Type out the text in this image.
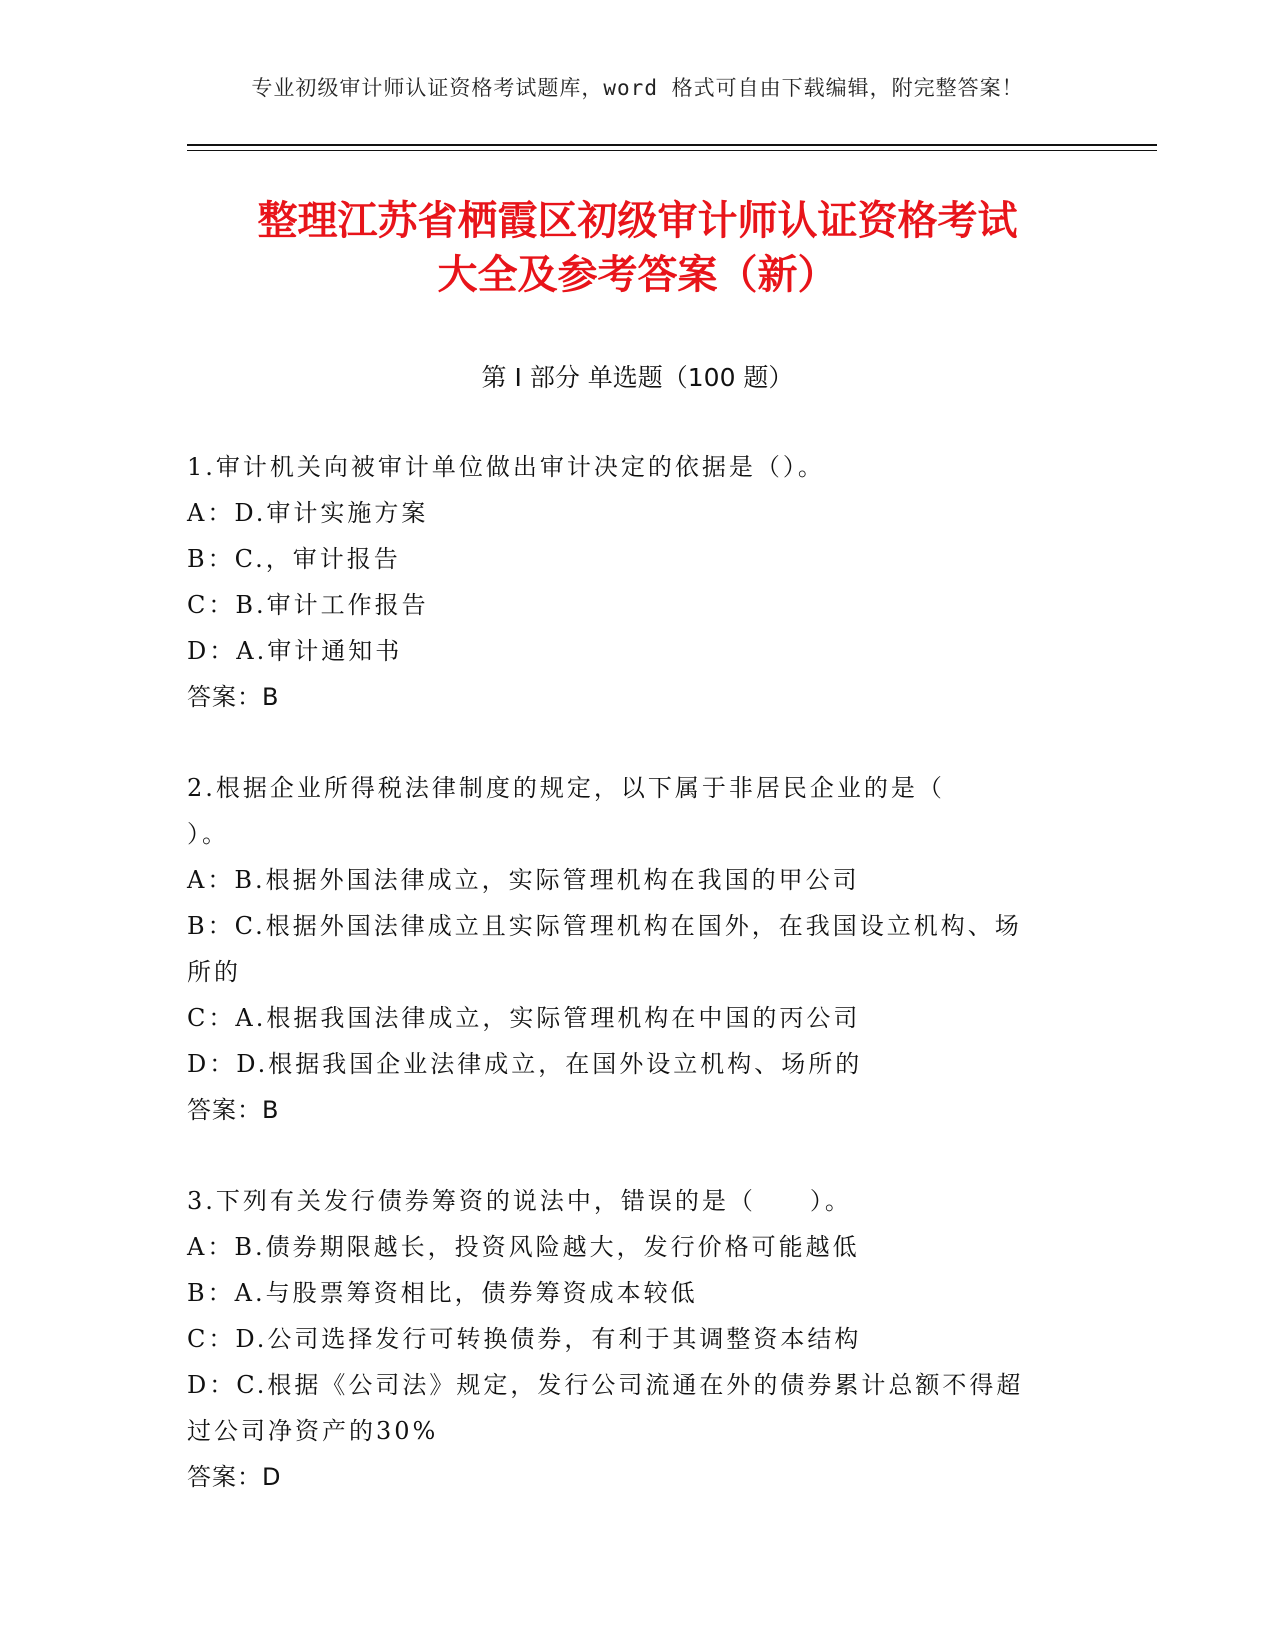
专业初级审计师认证资格考试题库，word 格式可自由下载编辑，附完整答案！
整理江苏省栖霞区初级审计师认证资格考试
大全及参考答案（新）
第 I 部分 单选题（100 题）

1.审计机关向被审计单位做出审计决定的依据是（）。

A：D.审计实施方案

B：C.，审计报告

C：B.审计工作报告

D：A.审计通知书

答案：B

2.根据企业所得税法律制度的规定，以下属于非居民企业的是（

）。

A：B.根据外国法律成立，实际管理机构在我国的甲公司

B：C.根据外国法律成立且实际管理机构在国外，在我国设立机构、场

所的

C：A.根据我国法律成立，实际管理机构在中国的丙公司

D：D.根据我国企业法律成立，在国外设立机构、场所的

答案：B

3.下列有关发行债券筹资的说法中，错误的是（　　）。

A：B.债券期限越长，投资风险越大，发行价格可能越低

B：A.与股票筹资相比，债券筹资成本较低

C：D.公司选择发行可转换债券，有利于其调整资本结构

D：C.根据《公司法》规定，发行公司流通在外的债券累计总额不得超

过公司净资产的30%

答案：D
